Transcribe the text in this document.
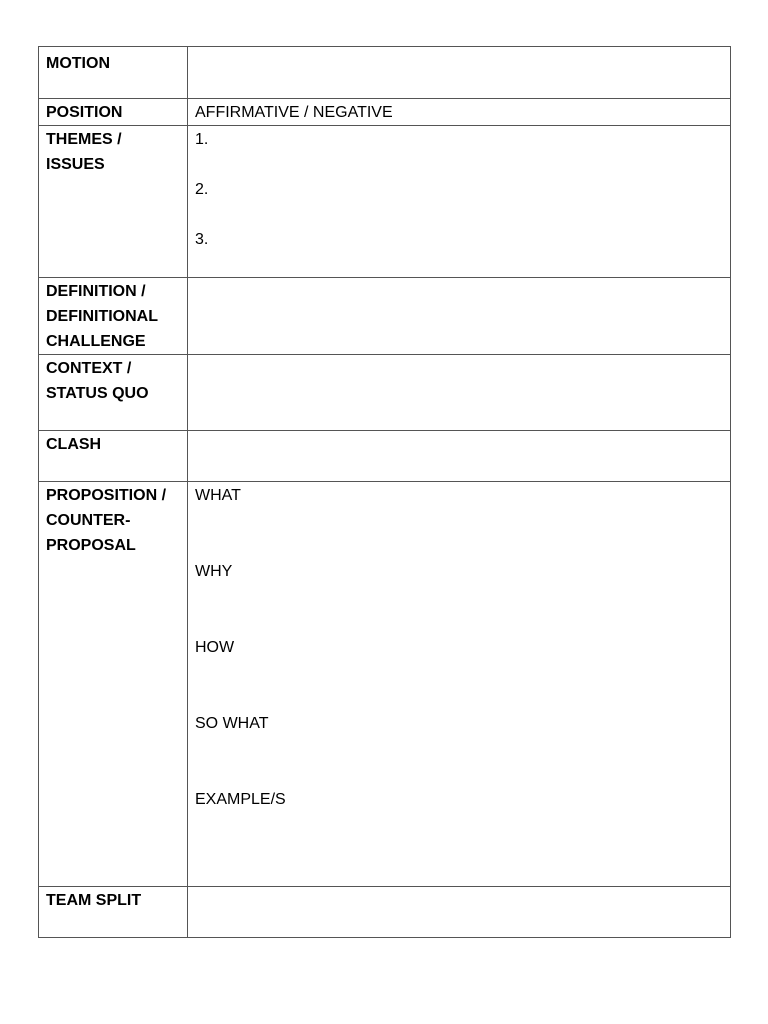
MOTION	
POSITION	AFFIRMATIVE / NEGATIVE

THEMES /
ISSUES	1.
2.
3.

DEFINITION /
DEFINITIONAL
CHALLENGE	

CONTEXT /
STATUS QUO	

CLASH	

PROPOSITION /
COUNTER-
PROPOSAL	WHAT
WHY
HOW
SO WHAT
EXAMPLE/S

TEAM SPLIT	
